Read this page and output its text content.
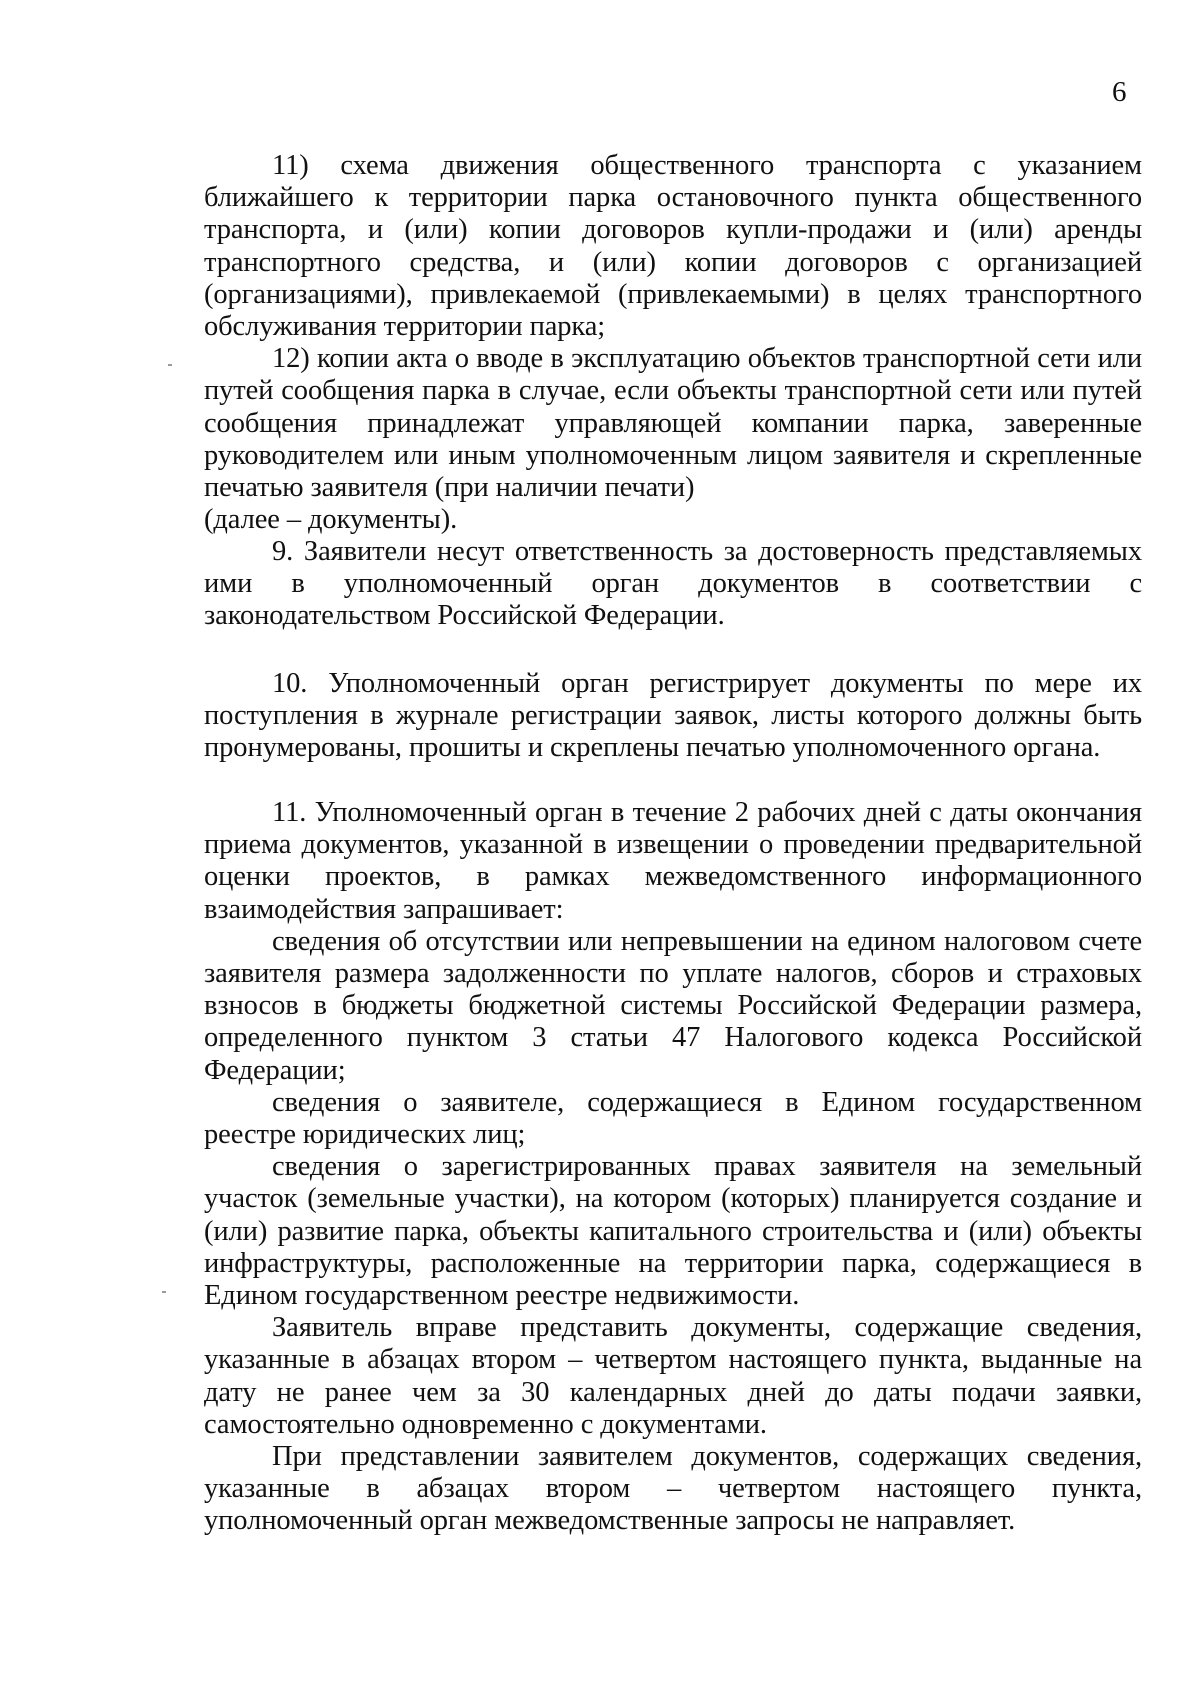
6

11) схема движения общественного транспорта с указанием ближайшего к территории парка остановочного пункта общественного транспорта, и (или) копии договоров купли-продажи и (или) аренды транспортного средства, и (или) копии договоров с организацией (организациями), привлекаемой (привлекаемыми) в целях транспортного обслуживания территории парка;

12) копии акта о вводе в эксплуатацию объектов транспортной сети или путей сообщения парка в случае, если объекты транспортной сети или путей сообщения принадлежат управляющей компании парка, заверенные руководителем или иным уполномоченным лицом заявителя и скрепленные печатью заявителя (при наличии печати)

(далее – документы).

9. Заявители несут ответственность за достоверность представляемых ими в уполномоченный орган документов в соответствии с законодательством Российской Федерации.

10. Уполномоченный орган регистрирует документы по мере их поступления в журнале регистрации заявок, листы которого должны быть пронумерованы, прошиты и скреплены печатью уполномоченного органа.

11. Уполномоченный орган в течение 2 рабочих дней с даты окончания приема документов, указанной в извещении о проведении предварительной оценки проектов, в рамках межведомственного информационного взаимодействия запрашивает:

сведения об отсутствии или непревышении на едином налоговом счете заявителя размера задолженности по уплате налогов, сборов и страховых взносов в бюджеты бюджетной системы Российской Федерации размера, определенного пунктом 3 статьи 47 Налогового кодекса Российской Федерации;

сведения о заявителе, содержащиеся в Едином государственном реестре юридических лиц;

сведения о зарегистрированных правах заявителя на земельный участок (земельные участки), на котором (которых) планируется создание и (или) развитие парка, объекты капитального строительства и (или) объекты инфраструктуры, расположенные на территории парка, содержащиеся в Едином государственном реестре недвижимости.

Заявитель вправе представить документы, содержащие сведения, указанные в абзацах втором – четвертом настоящего пункта, выданные на дату не ранее чем за 30 календарных дней до даты подачи заявки, самостоятельно одновременно с документами.

При представлении заявителем документов, содержащих сведения, указанные в абзацах втором – четвертом настоящего пункта, уполномоченный орган межведомственные запросы не направляет.
